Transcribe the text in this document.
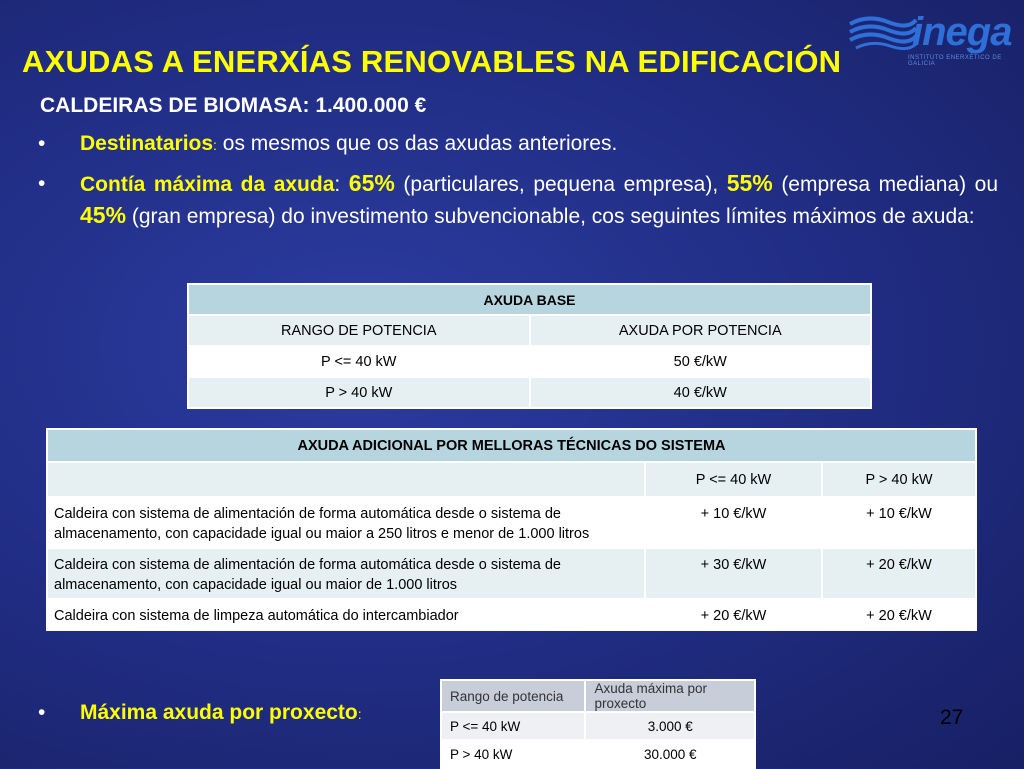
AXUDAS A ENERXÍAS RENOVABLES NA EDIFICACIÓN
inega
INSTITUTO ENERXÉTICO DE GALICIA
CALDEIRAS DE BIOMASA: 1.400.000 €
•	Destinatarios: os mesmos que os das axudas anteriores.
•	Contía máxima da axuda: 65% (particulares, pequena empresa), 55% (empresa mediana) ou 45% (gran empresa) do investimento subvencionable, cos seguintes límites máximos de axuda:
AXUDA BASE	
RANGO DE POTENCIA	AXUDA POR POTENCIA
P <= 40 kW	50 €/kW
P > 40 kW	40 €/kW
AXUDA ADICIONAL POR MELLORAS TÉCNICAS DO SISTEMA		
	P <= 40 kW	P > 40 kW
Caldeira con sistema de alimentación de forma automática desde o sistema de almacenamento, con capacidade igual ou maior a 250 litros e menor de 1.000 litros	+ 10 €/kW	+ 10 €/kW
Caldeira con sistema de alimentación de forma automática desde o sistema de almacenamento, con capacidade igual ou maior de 1.000 litros	+ 30 €/kW	+ 20 €/kW
Caldeira con sistema de limpeza automática do intercambiador	+ 20 €/kW	+ 20 €/kW
•	Máxima axuda por proxecto:
Rango de potencia	Axuda máxima por proxecto
P <= 40 kW	3.000 €
P > 40 kW	30.000 €
27
